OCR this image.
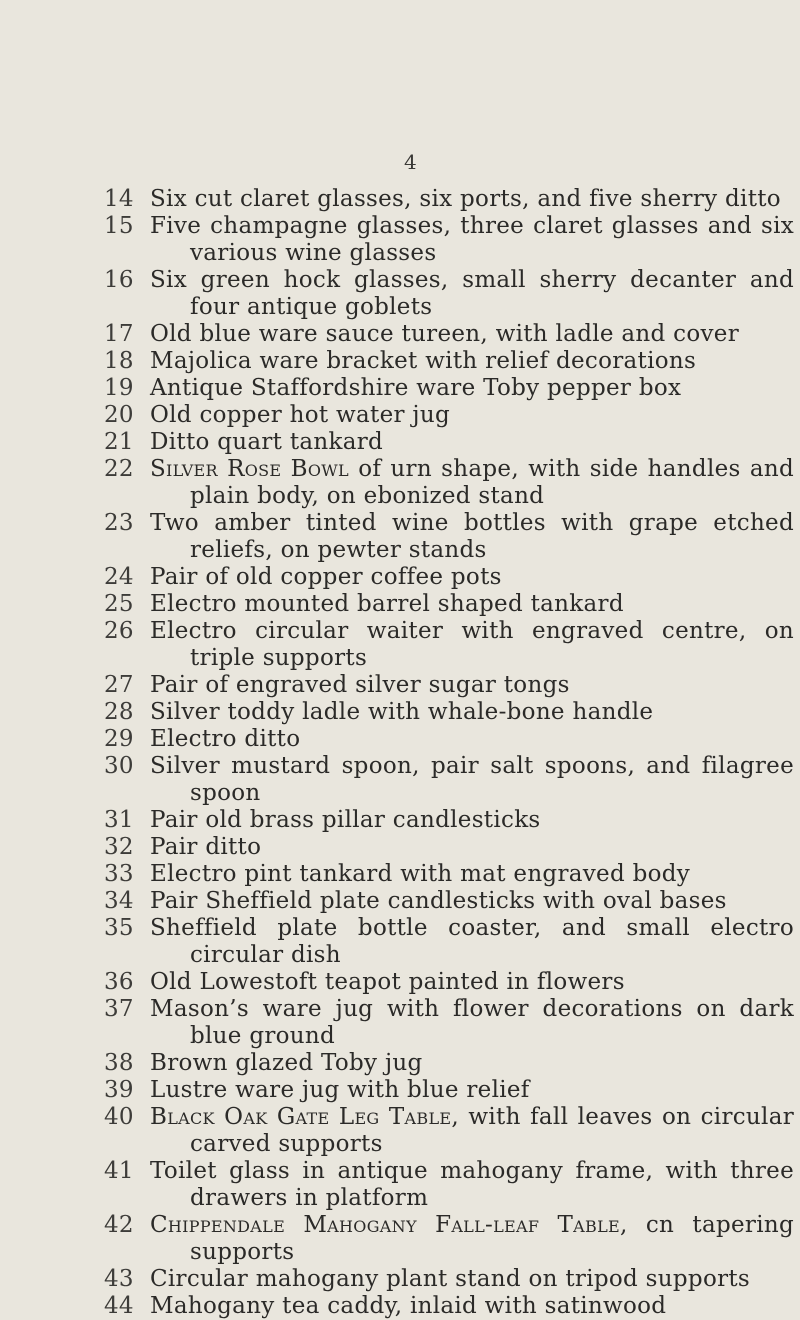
4
14 Six cut claret glasses, six ports, and five sherry ditto
15 Five champagne glasses, three claret glasses and six various wine glasses
16 Six green hock glasses, small sherry decanter and four antique goblets
17 Old blue ware sauce tureen, with ladle and cover
18 Majolica ware bracket with relief decorations
19 Antique Staffordshire ware Toby pepper box
20 Old copper hot water jug
21 Ditto quart tankard
22 Silver Rose Bowl of urn shape, with side handles and plain body, on ebonized stand
23 Two amber tinted wine bottles with grape etched reliefs, on pewter stands
24 Pair of old copper coffee pots
25 Electro mounted barrel shaped tankard
26 Electro circular waiter with engraved centre, on triple supports
27 Pair of engraved silver sugar tongs
28 Silver toddy ladle with whale-bone handle
29 Electro ditto
30 Silver mustard spoon, pair salt spoons, and filagree spoon
31 Pair old brass pillar candlesticks
32 Pair ditto
33 Electro pint tankard with mat engraved body
34 Pair Sheffield plate candlesticks with oval bases
35 Sheffield plate bottle coaster, and small electro circular dish
36 Old Lowestoft teapot painted in flowers
37 Mason’s ware jug with flower decorations on dark blue ground
38 Brown glazed Toby jug
39 Lustre ware jug with blue relief
40 Black Oak Gate Leg Table, with fall leaves on circular carved supports
41 Toilet glass in antique mahogany frame, with three drawers in platform
42 Chippendale Mahogany Fall-leaf Table, cn tapering supports
43 Circular mahogany plant stand on tripod supports
44 Mahogany tea caddy, inlaid with satinwood
